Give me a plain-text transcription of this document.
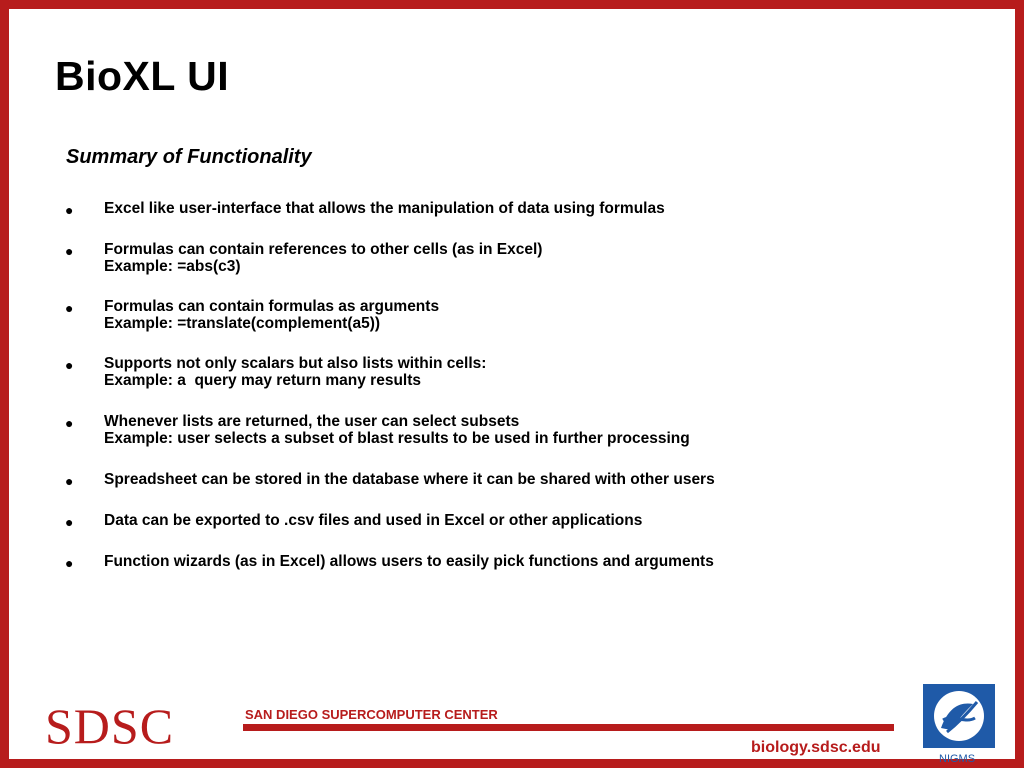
BioXL UI
Summary of Functionality
● Excel like user-interface that allows the manipulation of data using formulas
● Formulas can contain references to other cells (as in Excel)
Example: =abs(c3)
● Formulas can contain formulas as arguments
Example: =translate(complement(a5))
● Supports not only scalars but also lists within cells:
Example: a  query may return many results
● Whenever lists are returned, the user can select subsets
Example: user selects a subset of blast results to be used in further processing
● Spreadsheet can be stored in the database where it can be shared with other users
● Data can be exported to .csv files and used in Excel or other applications
● Function wizards (as in Excel) allows users to easily pick functions and arguments
SDSC	SAN DIEGO SUPERCOMPUTER CENTER
biology.sdsc.edu
NIGMS
